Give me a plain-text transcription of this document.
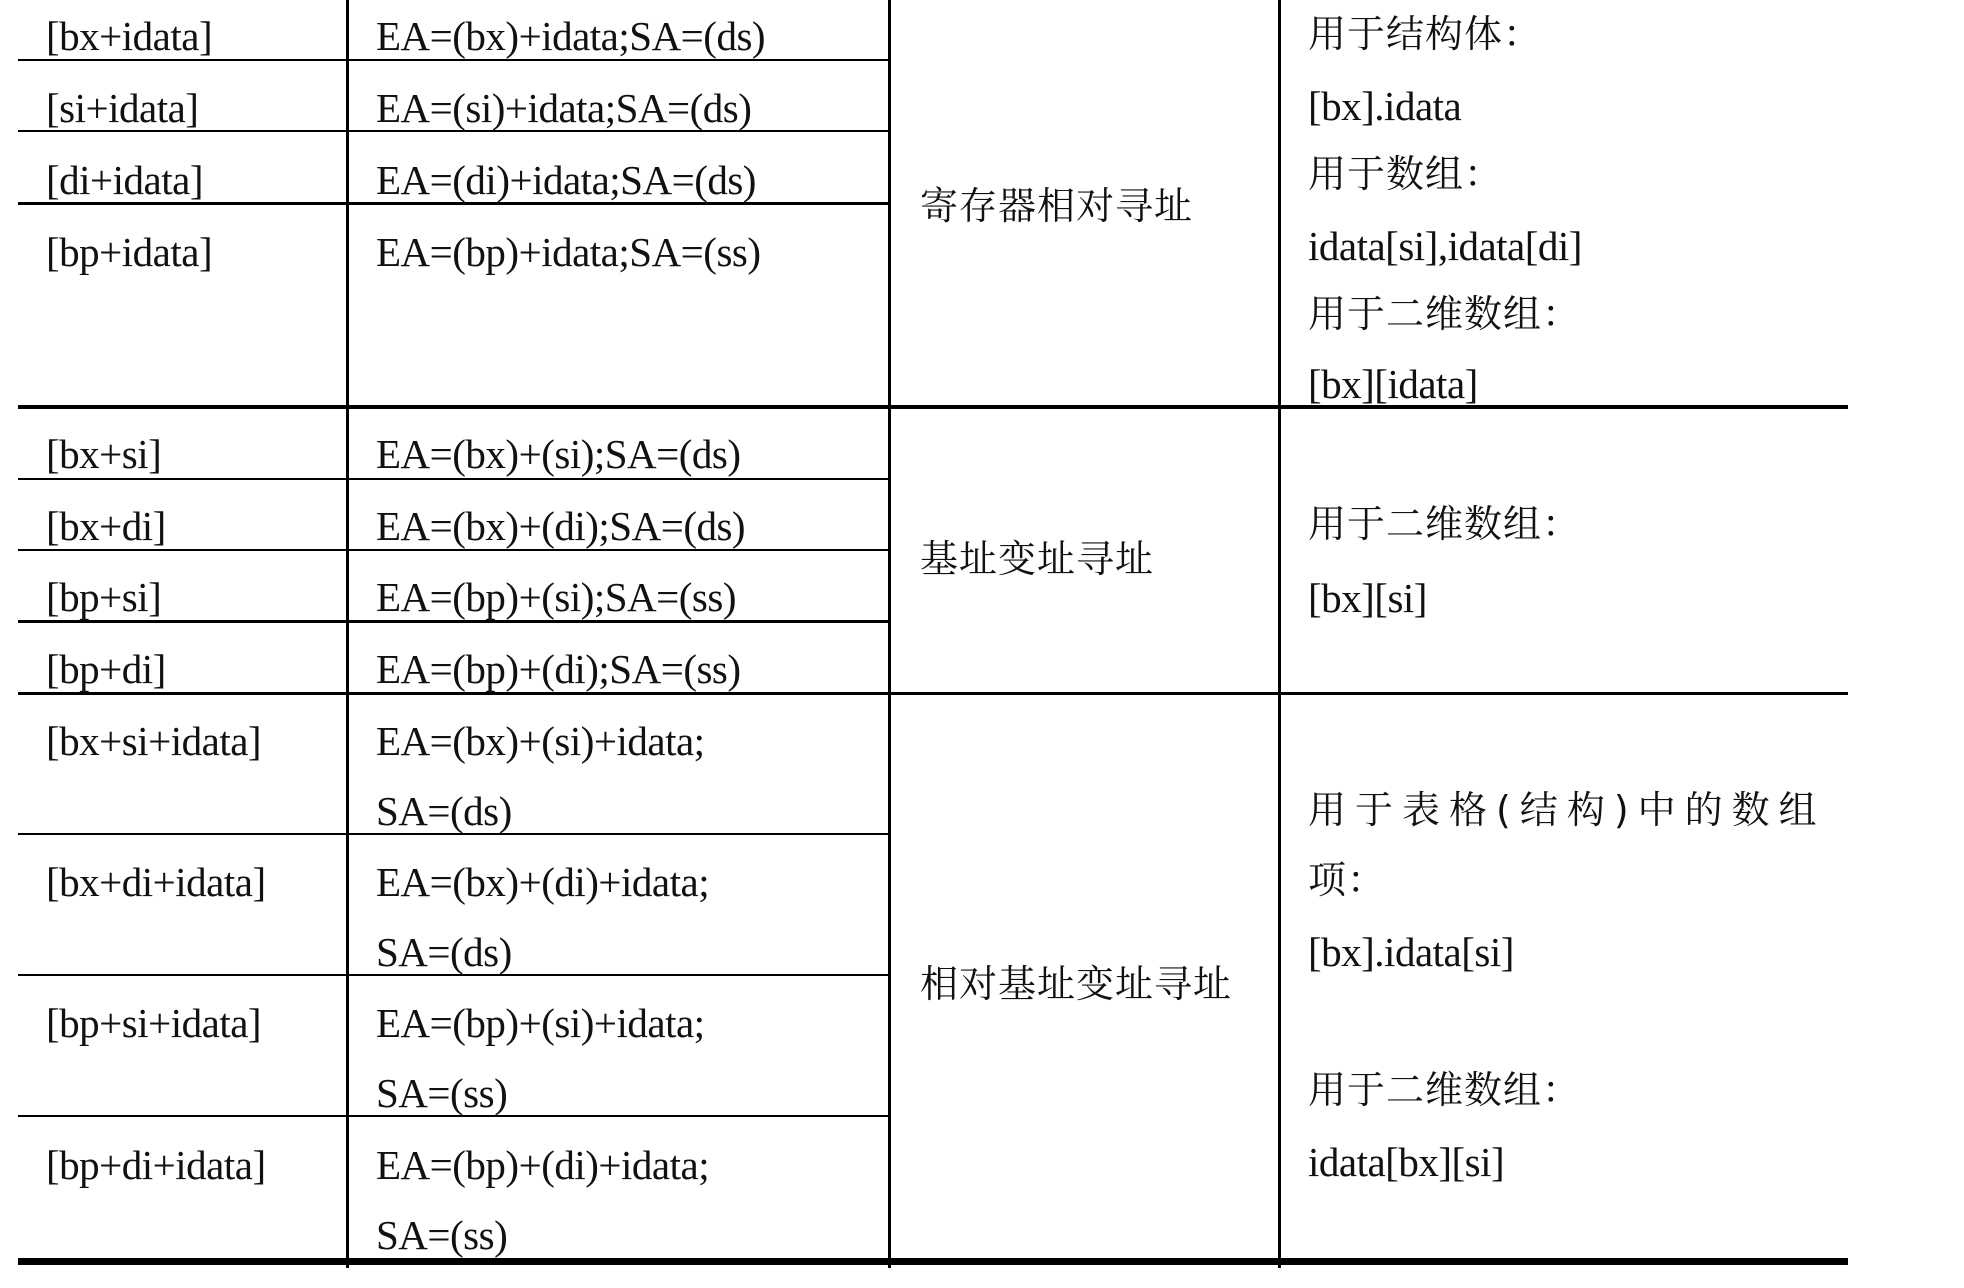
[bx+idata]	EA=(bx)+idata;SA=(ds)
[si+idata]	EA=(si)+idata;SA=(ds)
[di+idata]	EA=(di)+idata;SA=(ds)
[bp+idata]	EA=(bp)+idata;SA=(ss)
寄存器相对寻址
用于结构体：
[bx].idata
用于数组：
idata[si],idata[di]
用于二维数组：
[bx][idata]
[bx+si]	EA=(bx)+(si);SA=(ds)
[bx+di]	EA=(bx)+(di);SA=(ds)
[bp+si]	EA=(bp)+(si);SA=(ss)
[bp+di]	EA=(bp)+(di);SA=(ss)
基址变址寻址
用于二维数组：
[bx][si]
[bx+si+idata]	EA=(bx)+(si)+idata;
SA=(ds)
[bx+di+idata]	EA=(bx)+(di)+idata;
SA=(ds)
[bp+si+idata]	EA=(bp)+(si)+idata;
SA=(ss)
[bp+di+idata]	EA=(bp)+(di)+idata;
SA=(ss)
相对基址变址寻址
用于表格(结构)中的数组
项：
[bx].idata[si]
用于二维数组：
idata[bx][si]
